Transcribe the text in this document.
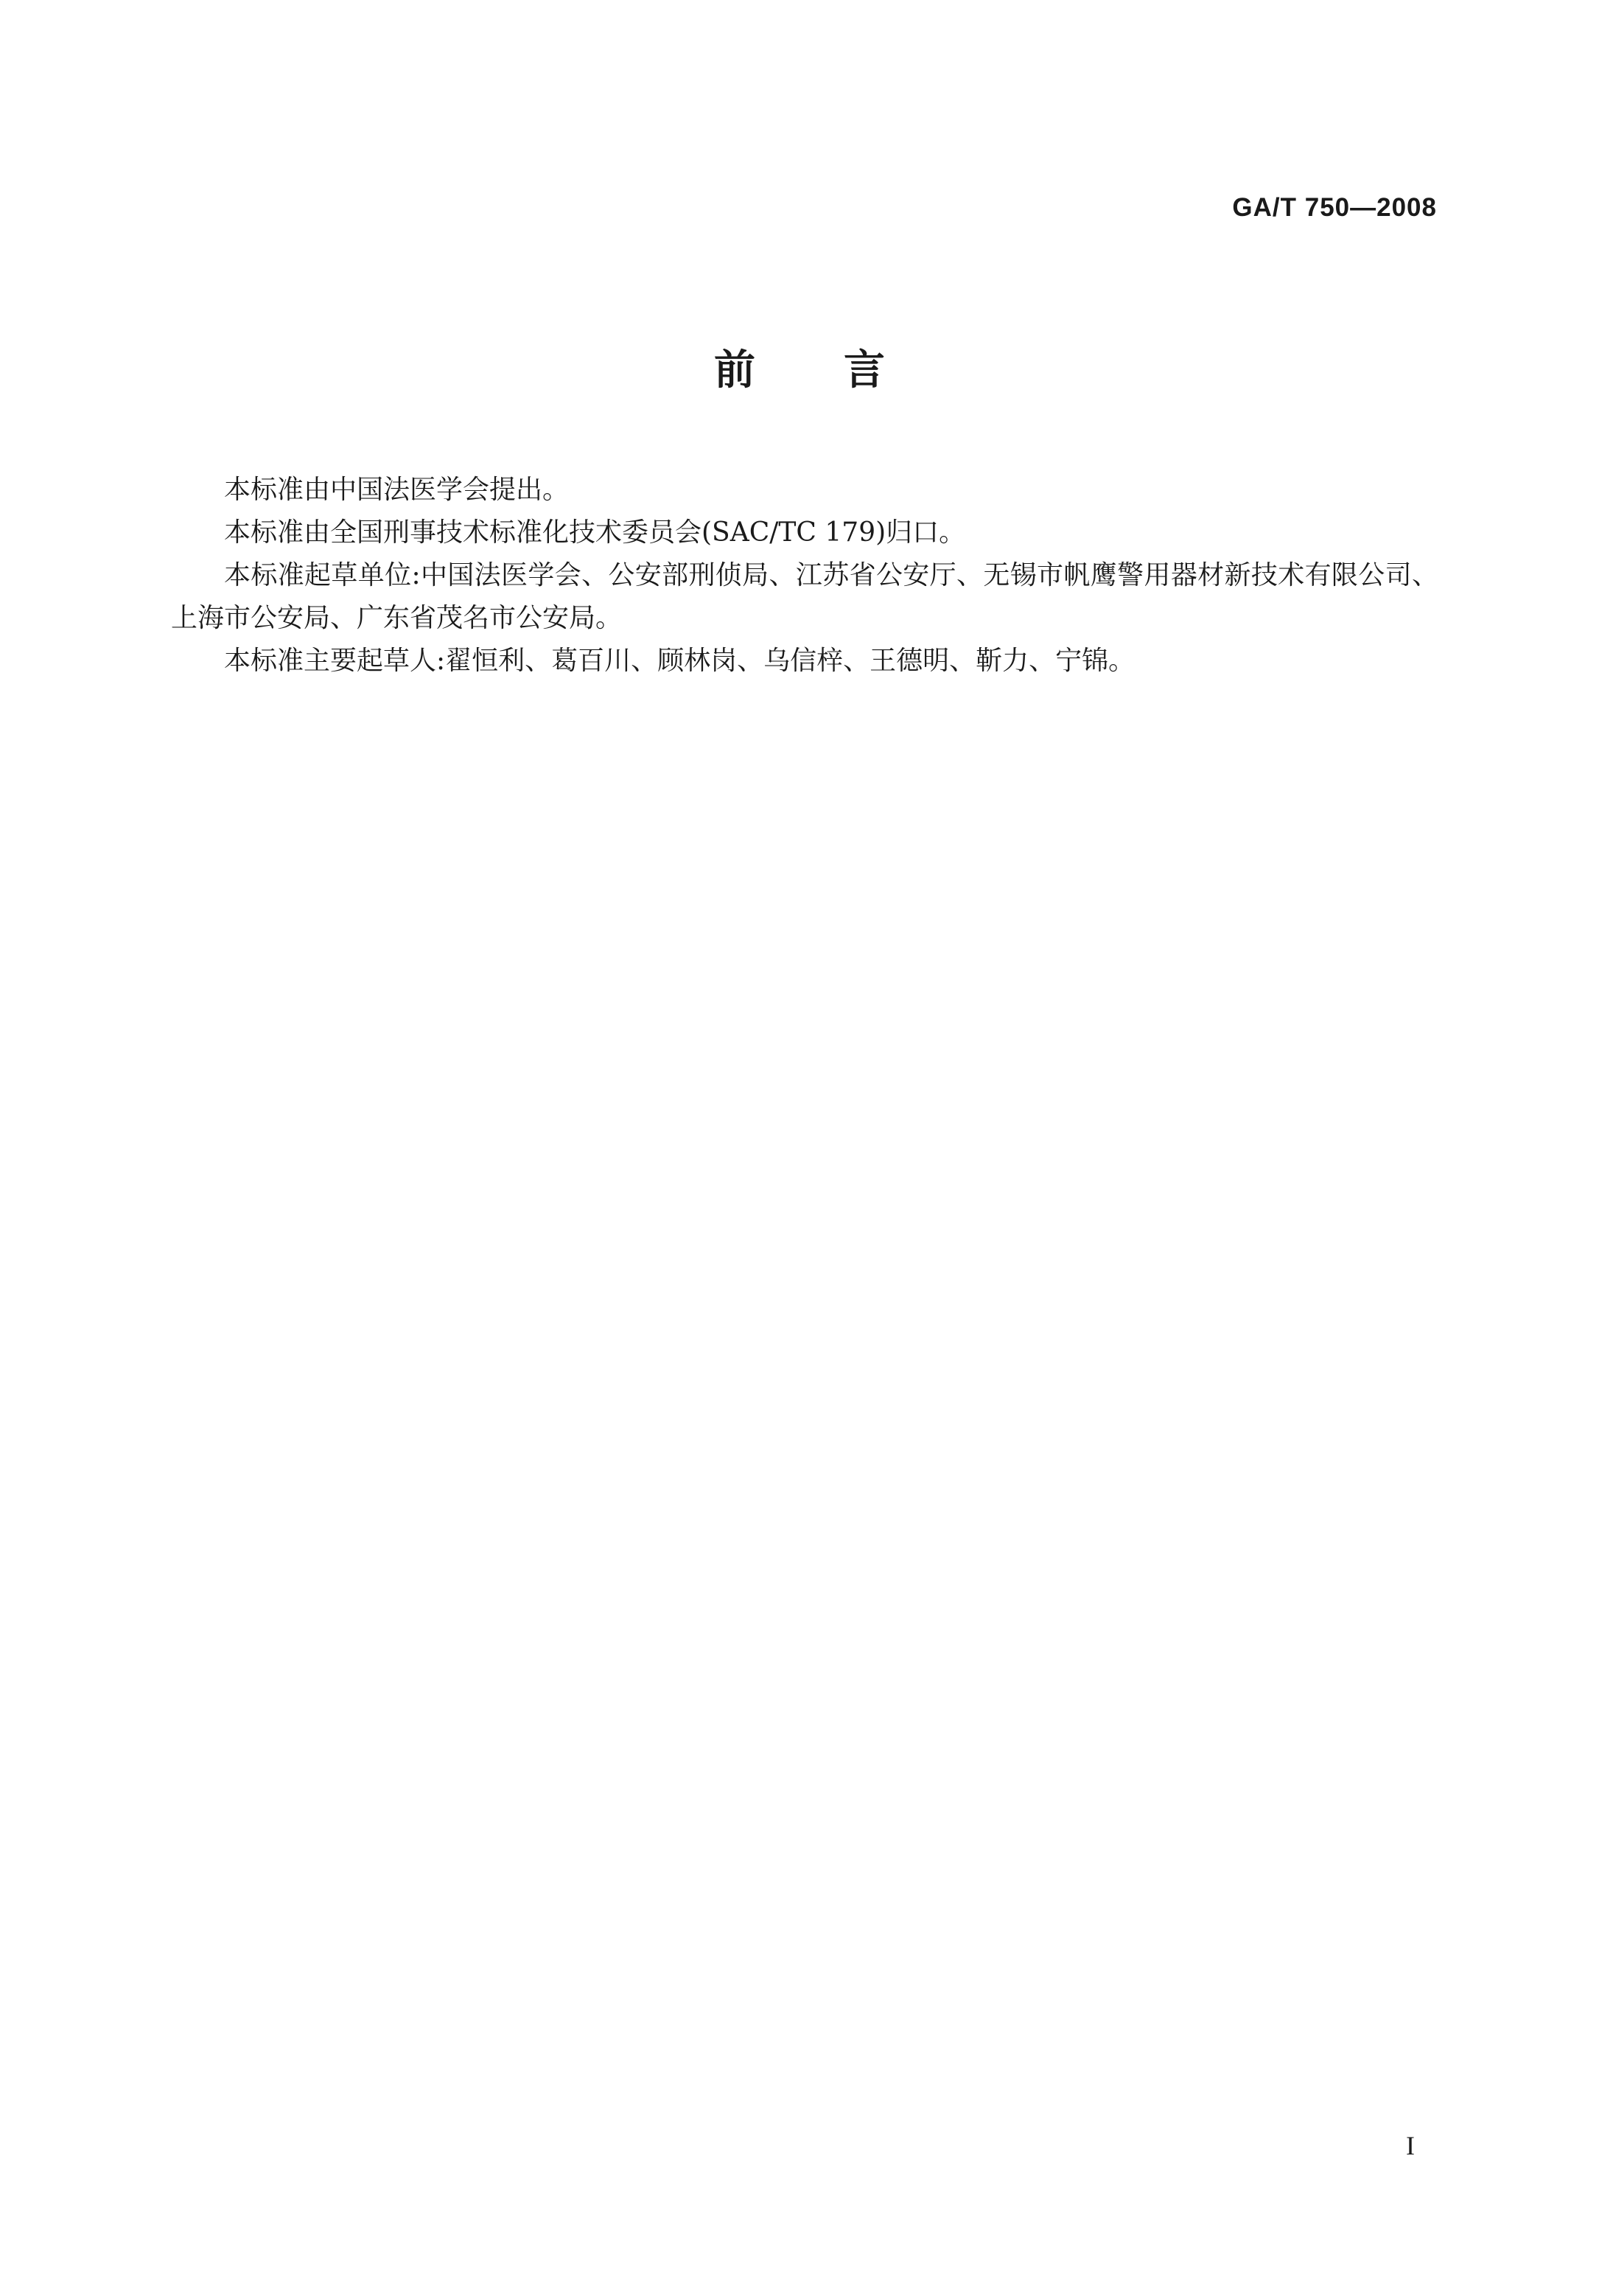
GA/T 750—2008
前言

本标准由中国法医学会提出。

本标准由全国刑事技术标准化技术委员会(SAC/TC 179)归口。

本标准起草单位:中国法医学会、公安部刑侦局、江苏省公安厅、无锡市帆鹰警用器材新技术有限公司、上海市公安局、广东省茂名市公安局。

本标准主要起草人:翟恒利、葛百川、顾林岗、乌信梓、王德明、靳力、宁锦。

I
